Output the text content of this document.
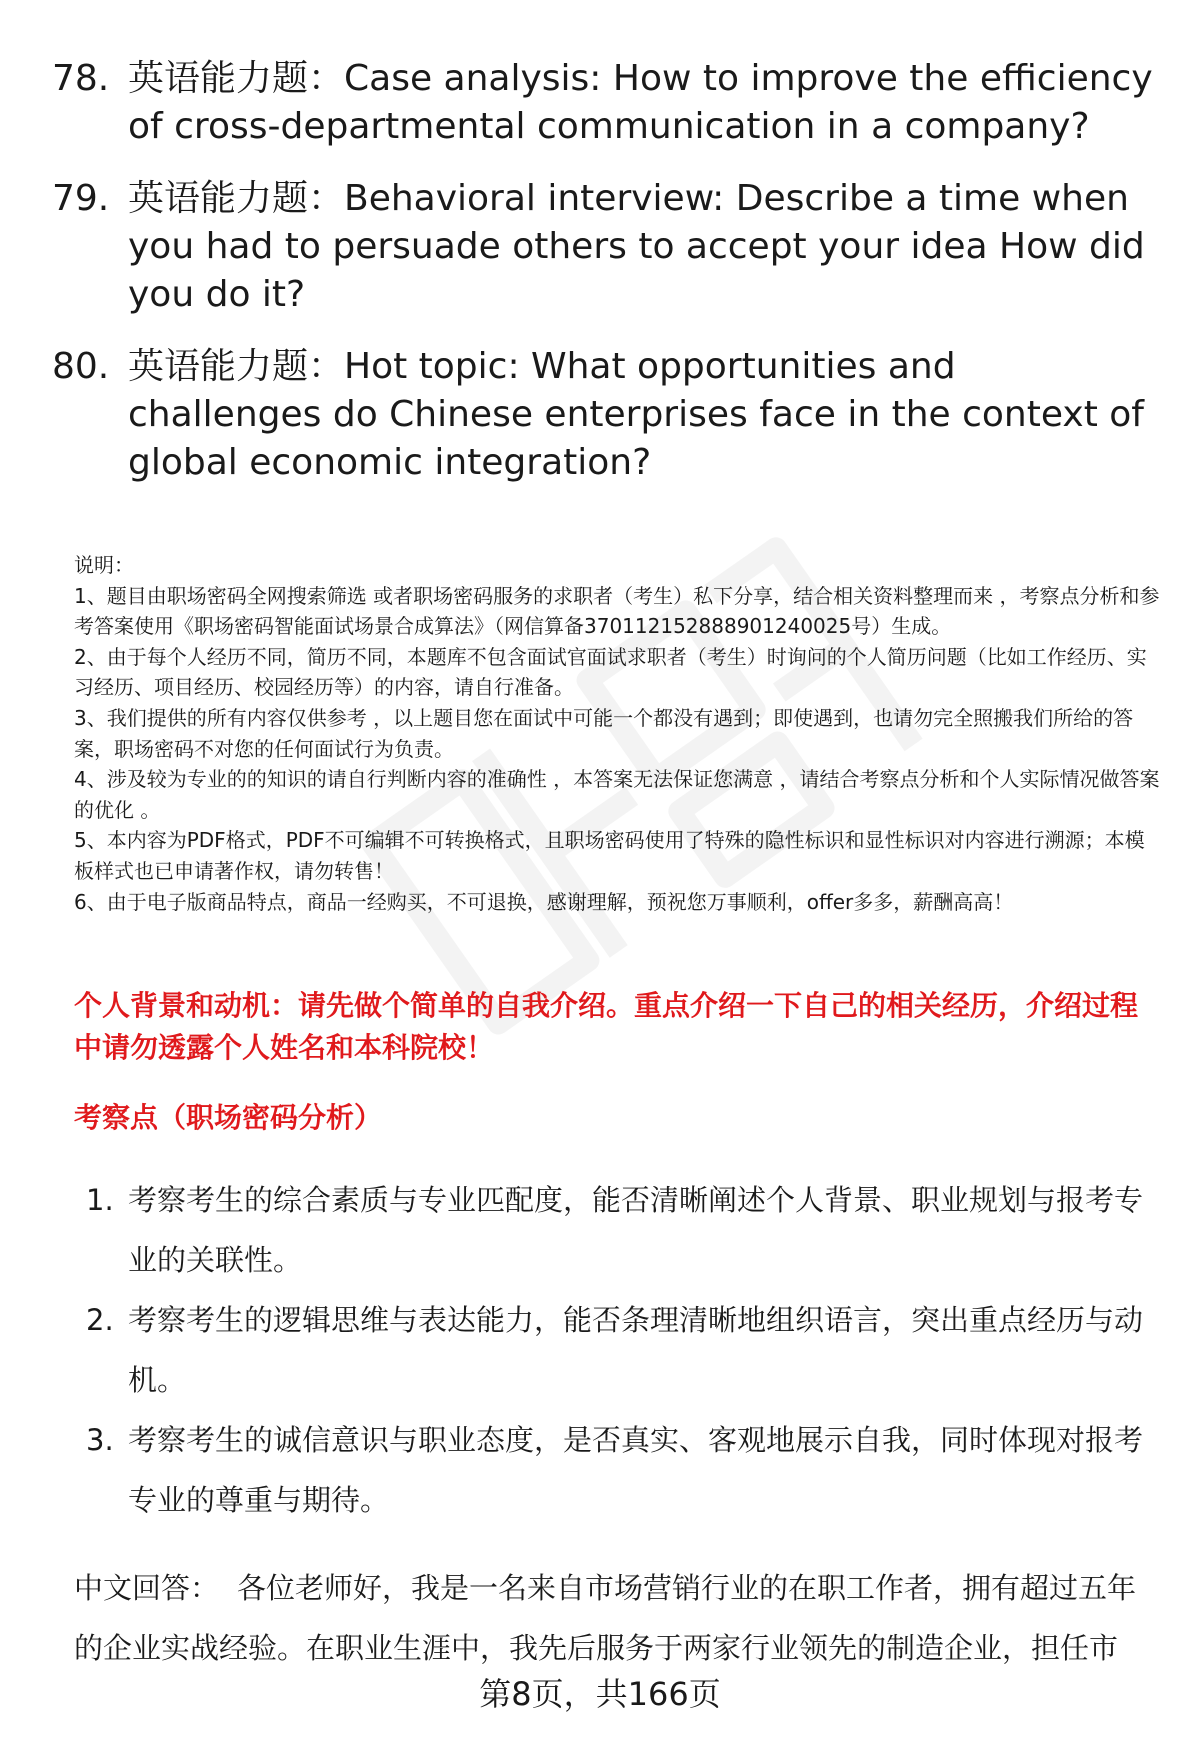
78. 英语能力题：Case analysis: How to improve the efficiency of cross-departmental communication in a company?
79. 英语能力题：Behavioral interview: Describe a time when you had to persuade others to accept your idea How did you do it?
80. 英语能力题：Hot topic: What opportunities and challenges do Chinese enterprises face in the context of global economic integration?

说明：

1、题目由职场密码全网搜索筛选 或者职场密码服务的求职者（考生）私下分享，结合相关资料整理而来 ，考察点分析和参考答案使用《职场密码智能面试场景合成算法》（网信算备370112152888901240025号）生成。

2、由于每个人经历不同，简历不同，本题库不包含面试官面试求职者（考生）时询问的个人简历问题（比如工作经历、实习经历、项目经历、校园经历等）的内容，请自行准备。

3、我们提供的所有内容仅供参考 ，以上题目您在面试中可能一个都没有遇到；即使遇到，也请勿完全照搬我们所给的答案，职场密码不对您的任何面试行为负责。

4、涉及较为专业的的知识的请自行判断内容的准确性 ，本答案无法保证您满意 ，请结合考察点分析和个人实际情况做答案的优化 。

5、本内容为PDF格式，PDF不可编辑不可转换格式，且职场密码使用了特殊的隐性标识和显性标识对内容进行溯源；本模板样式也已申请著作权，请勿转售！

6、由于电子版商品特点，商品一经购买，不可退换，感谢理解，预祝您万事顺利，offer多多，薪酬高高！

个人背景和动机：请先做个简单的自我介绍。重点介绍一下自己的相关经历，介绍过程中请勿透露个人姓名和本科院校！
考察点（职场密码分析）
1. 考察考生的综合素质与专业匹配度，能否清晰阐述个人背景、职业规划与报考专业的关联性。
2. 考察考生的逻辑思维与表达能力，能否条理清晰地组织语言，突出重点经历与动机。
3. 考察考生的诚信意识与职业态度，是否真实、客观地展示自我，同时体现对报考专业的尊重与期待。
中文回答： 各位老师好，我是一名来自市场营销行业的在职工作者，拥有超过五年的企业实战经验。在职业生涯中，我先后服务于两家行业领先的制造企业，担任市
第8页，共166页
